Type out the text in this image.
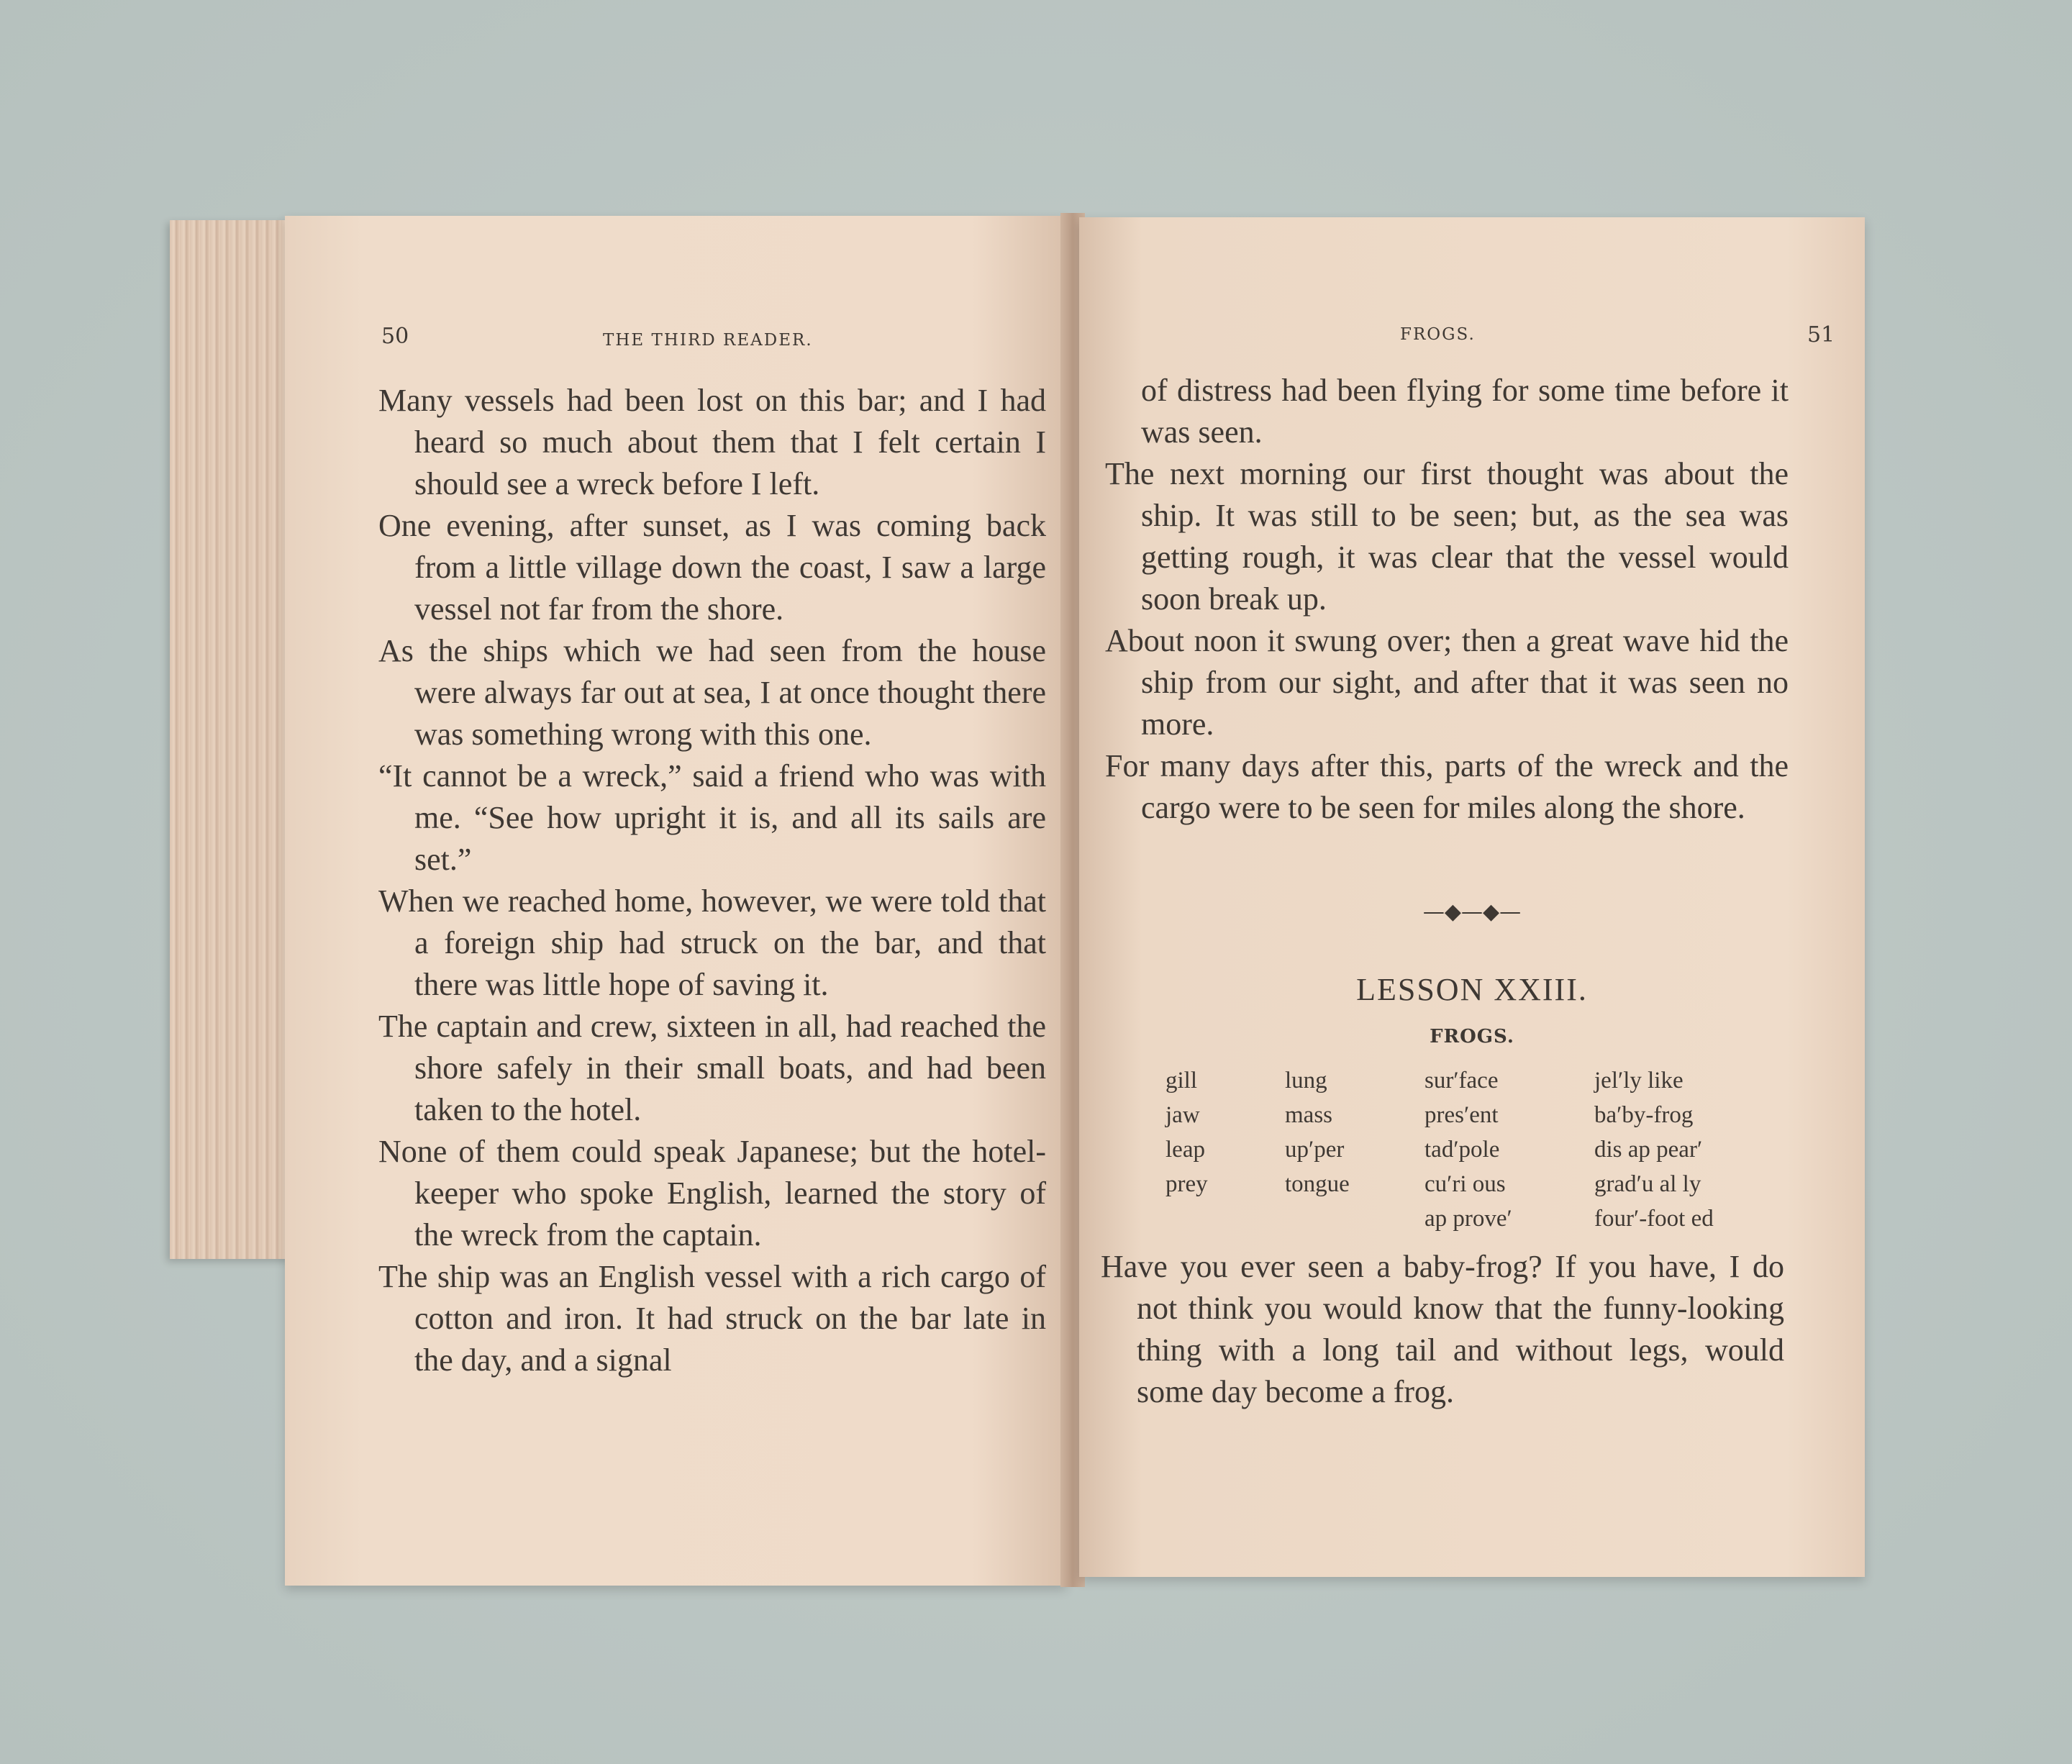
50	THE THIRD READER.

Many vessels had been lost on this bar; and I had heard so much about them that I felt certain I should see a wreck before I left.

One evening, after sunset, as I was coming back from a little village down the coast, I saw a large vessel not far from the shore.

As the ships which we had seen from the house were always far out at sea, I at once thought there was something wrong with this one.

“It cannot be a wreck,” said a friend who was with me. “See how upright it is, and all its sails are set.”

When we reached home, however, we were told that a foreign ship had struck on the bar, and that there was little hope of saving it.

The captain and crew, sixteen in all, had reached the shore safely in their small boats, and had been taken to the hotel.

None of them could speak Japanese; but the hotel-keeper who spoke English, learned the story of the wreck from the captain.

The ship was an English vessel with a rich cargo of cotton and iron. It had struck on the bar late in the day, and a signal

FROGS.	51

of distress had been flying for some time before it was seen.

The next morning our first thought was about the ship. It was still to be seen; but, as the sea was getting rough, it was clear that the vessel would soon break up.

About noon it swung over; then a great wave hid the ship from our sight, and after that it was seen no more.

For many days after this, parts of the wreck and the cargo were to be seen for miles along the shore.

—◆—◆—
LESSON XXIII.
FROGS.
gill
jaw
leap
prey
lung
mass
up′per
tongue
sur′face
pres′ent
tad′pole
cu′ri ous
ap prove′
jel′ly like
ba′by-frog
dis ap pear′
grad′u al ly
four′-foot ed

Have you ever seen a baby-frog? If you have, I do not think you would know that the funny-looking thing with a long tail and without legs, would some day become a frog.
